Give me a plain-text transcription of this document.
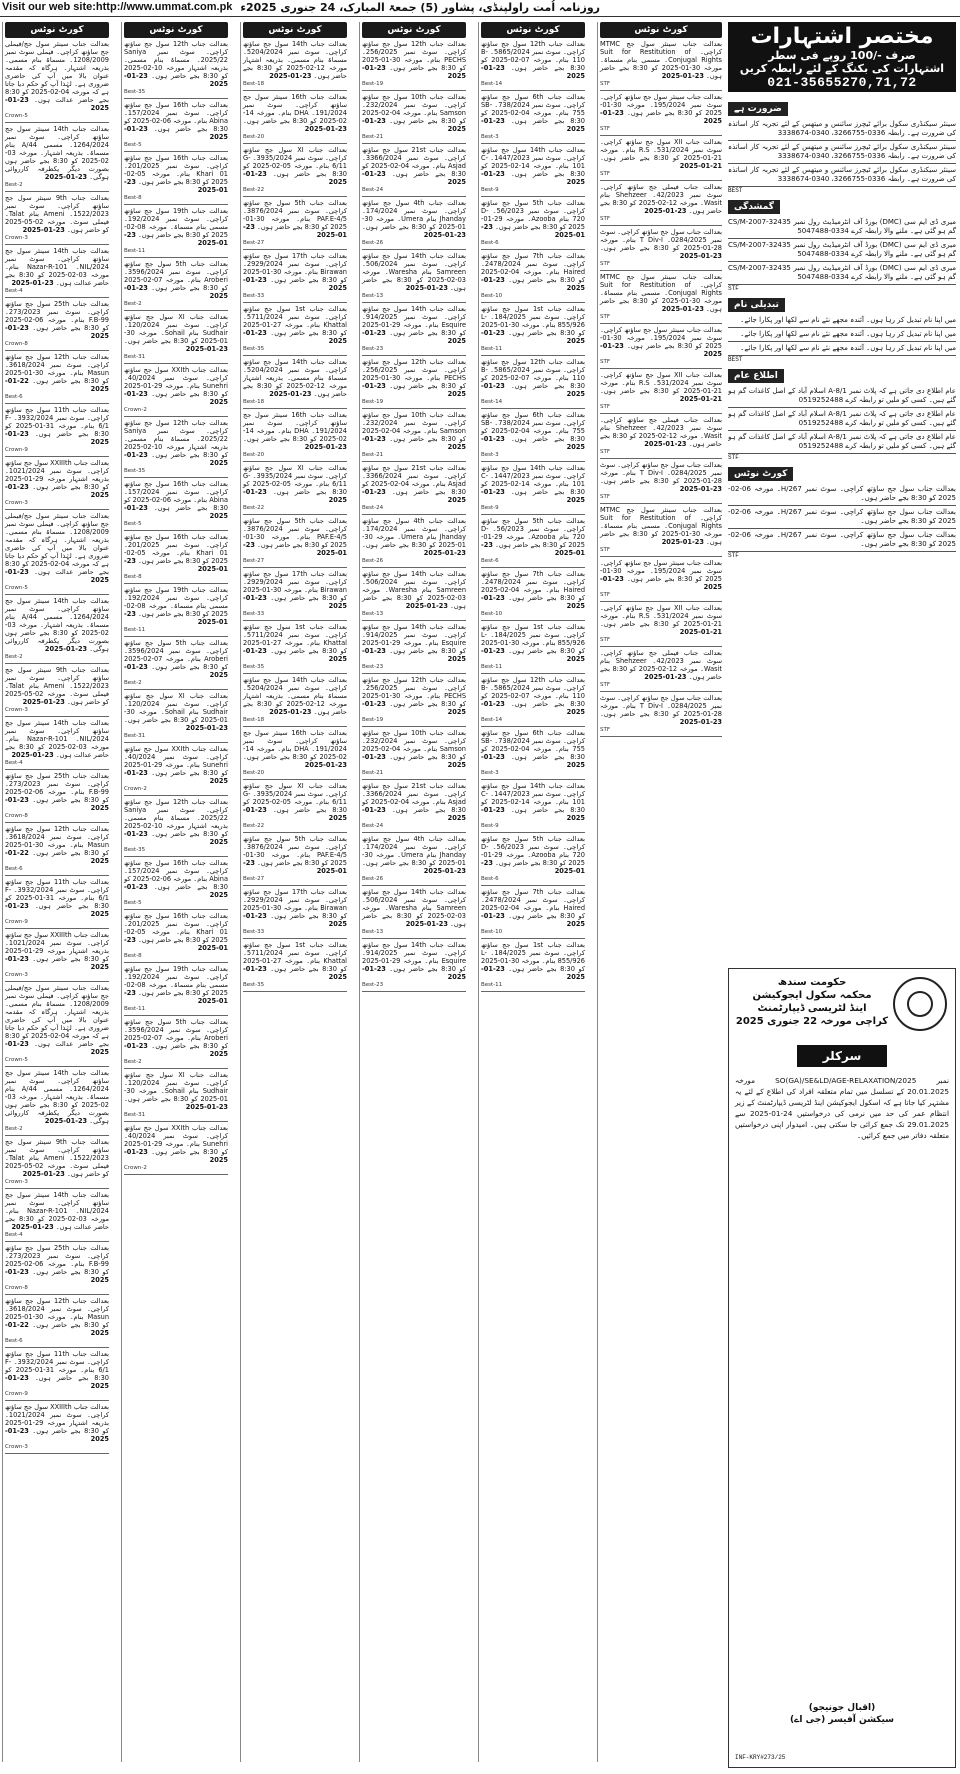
Visit our web site:http://www.ummat.com.pk روزنامہ اُمت راولپنڈی، پشاور (5) جمعۃ المبارک، 24 جنوری 2025ء
کورٹ نوٹس
بعدالت جناب سینئر سول جج/فیملی جج ساؤتھ کراچی۔ فیملی سوٹ نمبر 1208/2009۔ مسماۃ بنام مسمی۔ بذریعہ اشتہار۔ ہرگاہ کہ مقدمہ عنوان بالا میں آپ کی حاضری ضروری ہے۔ لہٰذا آپ کو حکم دیا جاتا ہے کہ مورخہ 04-02-2025 کو 8:30 بجے حاضر عدالت ہوں۔ 23-01-2025
Crown-5
بعدالت جناب 14th سینئر سول جج ساؤتھ کراچی۔ سوٹ نمبر 1264/2024۔ مسمی A/44 بنام مسماۃ۔ بذریعہ اشتہار۔ مورخہ 03-02-2025 کو 8:30 بجے حاضر ہوں بصورت دیگر یکطرفہ کارروائی ہوگی۔ 23-01-2025
Best-2
بعدالت جناب 9th سینئر سول جج ساؤتھ کراچی۔ سوٹ نمبر 1522/2023۔ Ameni بنام Talat۔ فیملی سوٹ۔ مورخہ 02-05-2025 کو حاضر ہوں۔ 23-01-2025
Crown-3
بعدالت جناب 14th سینئر سول جج ساؤتھ کراچی۔ سوٹ نمبر NIL/2024۔ Nazar-R-101 بنام۔ مورخہ 03-02-2025 کو 8:30 بجے حاضر عدالت ہوں۔ 23-01-2025
Best-4
بعدالت جناب 25th سول جج ساؤتھ کراچی۔ سوٹ نمبر 273/2023۔ F.B-99 بنام۔ مورخہ 06-02-2025 کو 8:30 بجے حاضر ہوں۔ 23-01-2025
Crown-8
بعدالت جناب 12th سول جج ساؤتھ کراچی۔ سوٹ نمبر 3618/2024۔ Masun بنام۔ مورخہ 30-01-2025 کو 8:30 بجے حاضر ہوں۔ 22-01-2025
Best-6
بعدالت جناب 11th سول جج ساؤتھ کراچی۔ سوٹ نمبر 3932/2024۔ F-6/1 بنام۔ مورخہ 31-01-2025 کو 8:30 بجے حاضر ہوں۔ 23-01-2025
Crown-9
بعدالت جناب XXIIIth سول جج ساؤتھ کراچی۔ سوٹ نمبر 1021/2024۔ بذریعہ اشتہار مورخہ 29-01-2025 کو 8:30 بجے حاضر ہوں۔ 23-01-2025
Crown-3
بعدالت جناب سینئر سول جج/فیملی جج ساؤتھ کراچی۔ فیملی سوٹ نمبر 1208/2009۔ مسماۃ بنام مسمی۔ بذریعہ اشتہار۔ ہرگاہ کہ مقدمہ عنوان بالا میں آپ کی حاضری ضروری ہے۔ لہٰذا آپ کو حکم دیا جاتا ہے کہ مورخہ 04-02-2025 کو 8:30 بجے حاضر عدالت ہوں۔ 23-01-2025
Crown-5
بعدالت جناب 14th سینئر سول جج ساؤتھ کراچی۔ سوٹ نمبر 1264/2024۔ مسمی A/44 بنام مسماۃ۔ بذریعہ اشتہار۔ مورخہ 03-02-2025 کو 8:30 بجے حاضر ہوں بصورت دیگر یکطرفہ کارروائی ہوگی۔ 23-01-2025
Best-2
بعدالت جناب 9th سینئر سول جج ساؤتھ کراچی۔ سوٹ نمبر 1522/2023۔ Ameni بنام Talat۔ فیملی سوٹ۔ مورخہ 02-05-2025 کو حاضر ہوں۔ 23-01-2025
Crown-3
بعدالت جناب 14th سینئر سول جج ساؤتھ کراچی۔ سوٹ نمبر NIL/2024۔ Nazar-R-101 بنام۔ مورخہ 03-02-2025 کو 8:30 بجے حاضر عدالت ہوں۔ 23-01-2025
Best-4
بعدالت جناب 25th سول جج ساؤتھ کراچی۔ سوٹ نمبر 273/2023۔ F.B-99 بنام۔ مورخہ 06-02-2025 کو 8:30 بجے حاضر ہوں۔ 23-01-2025
Crown-8
بعدالت جناب 12th سول جج ساؤتھ کراچی۔ سوٹ نمبر 3618/2024۔ Masun بنام۔ مورخہ 30-01-2025 کو 8:30 بجے حاضر ہوں۔ 22-01-2025
Best-6
بعدالت جناب 11th سول جج ساؤتھ کراچی۔ سوٹ نمبر 3932/2024۔ F-6/1 بنام۔ مورخہ 31-01-2025 کو 8:30 بجے حاضر ہوں۔ 23-01-2025
Crown-9
بعدالت جناب XXIIIth سول جج ساؤتھ کراچی۔ سوٹ نمبر 1021/2024۔ بذریعہ اشتہار مورخہ 29-01-2025 کو 8:30 بجے حاضر ہوں۔ 23-01-2025
Crown-3
بعدالت جناب سینئر سول جج/فیملی جج ساؤتھ کراچی۔ فیملی سوٹ نمبر 1208/2009۔ مسماۃ بنام مسمی۔ بذریعہ اشتہار۔ ہرگاہ کہ مقدمہ عنوان بالا میں آپ کی حاضری ضروری ہے۔ لہٰذا آپ کو حکم دیا جاتا ہے کہ مورخہ 04-02-2025 کو 8:30 بجے حاضر عدالت ہوں۔ 23-01-2025
Crown-5
بعدالت جناب 14th سینئر سول جج ساؤتھ کراچی۔ سوٹ نمبر 1264/2024۔ مسمی A/44 بنام مسماۃ۔ بذریعہ اشتہار۔ مورخہ 03-02-2025 کو 8:30 بجے حاضر ہوں بصورت دیگر یکطرفہ کارروائی ہوگی۔ 23-01-2025
Best-2
بعدالت جناب 9th سینئر سول جج ساؤتھ کراچی۔ سوٹ نمبر 1522/2023۔ Ameni بنام Talat۔ فیملی سوٹ۔ مورخہ 02-05-2025 کو حاضر ہوں۔ 23-01-2025
Crown-3
بعدالت جناب 14th سینئر سول جج ساؤتھ کراچی۔ سوٹ نمبر NIL/2024۔ Nazar-R-101 بنام۔ مورخہ 03-02-2025 کو 8:30 بجے حاضر عدالت ہوں۔ 23-01-2025
Best-4
بعدالت جناب 25th سول جج ساؤتھ کراچی۔ سوٹ نمبر 273/2023۔ F.B-99 بنام۔ مورخہ 06-02-2025 کو 8:30 بجے حاضر ہوں۔ 23-01-2025
Crown-8
بعدالت جناب 12th سول جج ساؤتھ کراچی۔ سوٹ نمبر 3618/2024۔ Masun بنام۔ مورخہ 30-01-2025 کو 8:30 بجے حاضر ہوں۔ 22-01-2025
Best-6
بعدالت جناب 11th سول جج ساؤتھ کراچی۔ سوٹ نمبر 3932/2024۔ F-6/1 بنام۔ مورخہ 31-01-2025 کو 8:30 بجے حاضر ہوں۔ 23-01-2025
Crown-9
بعدالت جناب XXIIIth سول جج ساؤتھ کراچی۔ سوٹ نمبر 1021/2024۔ بذریعہ اشتہار مورخہ 29-01-2025 کو 8:30 بجے حاضر ہوں۔ 23-01-2025
Crown-3
کورٹ نوٹس
بعدالت جناب 12th سول جج ساؤتھ کراچی۔ سوٹ نمبر Saniya 2025/22۔ مسماۃ بنام مسمی۔ بذریعہ اشتہار مورخہ 10-02-2025 کو 8:30 بجے حاضر ہوں۔ 23-01-2025
Best-35
بعدالت جناب 16th سول جج ساؤتھ کراچی۔ سوٹ نمبر 157/2024۔ Abina بنام۔ مورخہ 06-02-2025 کو 8:30 بجے حاضر ہوں۔ 23-01-2025
Best-5
بعدالت جناب 16th سول جج ساؤتھ کراچی۔ سوٹ نمبر 201/2025۔ Khari 01 بنام۔ مورخہ 05-02-2025 کو 8:30 بجے حاضر ہوں۔ 23-01-2025
Best-8
بعدالت جناب 19th سول جج ساؤتھ کراچی۔ سوٹ نمبر 192/2024۔ مسمی بنام مسماۃ۔ مورخہ 08-02-2025 کو 8:30 بجے حاضر ہوں۔ 23-01-2025
Best-11
بعدالت جناب 5th سول جج ساؤتھ کراچی۔ سوٹ نمبر 3596/2024۔ Aroberi بنام۔ مورخہ 07-02-2025 کو 8:30 بجے حاضر ہوں۔ 23-01-2025
Best-2
بعدالت جناب XI سول جج ساؤتھ کراچی۔ سوٹ نمبر 120/2024۔ Sudhair بنام Sohail۔ مورخہ 30-01-2025 کو 8:30 بجے حاضر ہوں۔ 23-01-2025
Best-31
بعدالت جناب XXIth سول جج ساؤتھ کراچی۔ سوٹ نمبر 40/2024۔ Sunehri بنام۔ مورخہ 29-01-2025 کو 8:30 بجے حاضر ہوں۔ 23-01-2025
Crown-2
بعدالت جناب 12th سول جج ساؤتھ کراچی۔ سوٹ نمبر Saniya 2025/22۔ مسماۃ بنام مسمی۔ بذریعہ اشتہار مورخہ 10-02-2025 کو 8:30 بجے حاضر ہوں۔ 23-01-2025
Best-35
بعدالت جناب 16th سول جج ساؤتھ کراچی۔ سوٹ نمبر 157/2024۔ Abina بنام۔ مورخہ 06-02-2025 کو 8:30 بجے حاضر ہوں۔ 23-01-2025
Best-5
بعدالت جناب 16th سول جج ساؤتھ کراچی۔ سوٹ نمبر 201/2025۔ Khari 01 بنام۔ مورخہ 05-02-2025 کو 8:30 بجے حاضر ہوں۔ 23-01-2025
Best-8
بعدالت جناب 19th سول جج ساؤتھ کراچی۔ سوٹ نمبر 192/2024۔ مسمی بنام مسماۃ۔ مورخہ 08-02-2025 کو 8:30 بجے حاضر ہوں۔ 23-01-2025
Best-11
بعدالت جناب 5th سول جج ساؤتھ کراچی۔ سوٹ نمبر 3596/2024۔ Aroberi بنام۔ مورخہ 07-02-2025 کو 8:30 بجے حاضر ہوں۔ 23-01-2025
Best-2
بعدالت جناب XI سول جج ساؤتھ کراچی۔ سوٹ نمبر 120/2024۔ Sudhair بنام Sohail۔ مورخہ 30-01-2025 کو 8:30 بجے حاضر ہوں۔ 23-01-2025
Best-31
بعدالت جناب XXIth سول جج ساؤتھ کراچی۔ سوٹ نمبر 40/2024۔ Sunehri بنام۔ مورخہ 29-01-2025 کو 8:30 بجے حاضر ہوں۔ 23-01-2025
Crown-2
بعدالت جناب 12th سول جج ساؤتھ کراچی۔ سوٹ نمبر Saniya 2025/22۔ مسماۃ بنام مسمی۔ بذریعہ اشتہار مورخہ 10-02-2025 کو 8:30 بجے حاضر ہوں۔ 23-01-2025
Best-35
بعدالت جناب 16th سول جج ساؤتھ کراچی۔ سوٹ نمبر 157/2024۔ Abina بنام۔ مورخہ 06-02-2025 کو 8:30 بجے حاضر ہوں۔ 23-01-2025
Best-5
بعدالت جناب 16th سول جج ساؤتھ کراچی۔ سوٹ نمبر 201/2025۔ Khari 01 بنام۔ مورخہ 05-02-2025 کو 8:30 بجے حاضر ہوں۔ 23-01-2025
Best-8
بعدالت جناب 19th سول جج ساؤتھ کراچی۔ سوٹ نمبر 192/2024۔ مسمی بنام مسماۃ۔ مورخہ 08-02-2025 کو 8:30 بجے حاضر ہوں۔ 23-01-2025
Best-11
بعدالت جناب 5th سول جج ساؤتھ کراچی۔ سوٹ نمبر 3596/2024۔ Aroberi بنام۔ مورخہ 07-02-2025 کو 8:30 بجے حاضر ہوں۔ 23-01-2025
Best-2
بعدالت جناب XI سول جج ساؤتھ کراچی۔ سوٹ نمبر 120/2024۔ Sudhair بنام Sohail۔ مورخہ 30-01-2025 کو 8:30 بجے حاضر ہوں۔ 23-01-2025
Best-31
بعدالت جناب XXIth سول جج ساؤتھ کراچی۔ سوٹ نمبر 40/2024۔ Sunehri بنام۔ مورخہ 29-01-2025 کو 8:30 بجے حاضر ہوں۔ 23-01-2025
Crown-2
کورٹ نوٹس
بعدالت جناب 14th سول جج ساؤتھ کراچی۔ سوٹ نمبر 5204/2024۔ مسماۃ بنام مسمی۔ بذریعہ اشتہار مورخہ 12-02-2025 کو 8:30 بجے حاضر ہوں۔ 23-01-2025
Best-18
بعدالت جناب 16th سینئر سول جج ساؤتھ کراچی۔ سوٹ نمبر 191/2024۔ DHA بنام۔ مورخہ 14-02-2025 کو 8:30 بجے حاضر ہوں۔ 23-01-2025
Best-20
بعدالت جناب XI سول جج ساؤتھ کراچی۔ سوٹ نمبر 3935/2024۔ G-6/11 بنام۔ مورخہ 05-02-2025 کو 8:30 بجے حاضر ہوں۔ 23-01-2025
Best-22
بعدالت جناب 5th سول جج ساؤتھ کراچی۔ سوٹ نمبر 3876/2024۔ PAF.E-4/5 بنام۔ مورخہ 30-01-2025 کو 8:30 بجے حاضر ہوں۔ 23-01-2025
Best-27
بعدالت جناب 17th سول جج ساؤتھ کراچی۔ سوٹ نمبر 2929/2024۔ Birawan بنام۔ مورخہ 30-01-2025 کو 8:30 بجے حاضر ہوں۔ 23-01-2025
Best-33
بعدالت جناب 1st سول جج ساؤتھ کراچی۔ سوٹ نمبر 5711/2024۔ Khattal بنام۔ مورخہ 27-01-2025 کو 8:30 بجے حاضر ہوں۔ 23-01-2025
Best-35
بعدالت جناب 14th سول جج ساؤتھ کراچی۔ سوٹ نمبر 5204/2024۔ مسماۃ بنام مسمی۔ بذریعہ اشتہار مورخہ 12-02-2025 کو 8:30 بجے حاضر ہوں۔ 23-01-2025
Best-18
بعدالت جناب 16th سینئر سول جج ساؤتھ کراچی۔ سوٹ نمبر 191/2024۔ DHA بنام۔ مورخہ 14-02-2025 کو 8:30 بجے حاضر ہوں۔ 23-01-2025
Best-20
بعدالت جناب XI سول جج ساؤتھ کراچی۔ سوٹ نمبر 3935/2024۔ G-6/11 بنام۔ مورخہ 05-02-2025 کو 8:30 بجے حاضر ہوں۔ 23-01-2025
Best-22
بعدالت جناب 5th سول جج ساؤتھ کراچی۔ سوٹ نمبر 3876/2024۔ PAF.E-4/5 بنام۔ مورخہ 30-01-2025 کو 8:30 بجے حاضر ہوں۔ 23-01-2025
Best-27
بعدالت جناب 17th سول جج ساؤتھ کراچی۔ سوٹ نمبر 2929/2024۔ Birawan بنام۔ مورخہ 30-01-2025 کو 8:30 بجے حاضر ہوں۔ 23-01-2025
Best-33
بعدالت جناب 1st سول جج ساؤتھ کراچی۔ سوٹ نمبر 5711/2024۔ Khattal بنام۔ مورخہ 27-01-2025 کو 8:30 بجے حاضر ہوں۔ 23-01-2025
Best-35
بعدالت جناب 14th سول جج ساؤتھ کراچی۔ سوٹ نمبر 5204/2024۔ مسماۃ بنام مسمی۔ بذریعہ اشتہار مورخہ 12-02-2025 کو 8:30 بجے حاضر ہوں۔ 23-01-2025
Best-18
بعدالت جناب 16th سینئر سول جج ساؤتھ کراچی۔ سوٹ نمبر 191/2024۔ DHA بنام۔ مورخہ 14-02-2025 کو 8:30 بجے حاضر ہوں۔ 23-01-2025
Best-20
بعدالت جناب XI سول جج ساؤتھ کراچی۔ سوٹ نمبر 3935/2024۔ G-6/11 بنام۔ مورخہ 05-02-2025 کو 8:30 بجے حاضر ہوں۔ 23-01-2025
Best-22
بعدالت جناب 5th سول جج ساؤتھ کراچی۔ سوٹ نمبر 3876/2024۔ PAF.E-4/5 بنام۔ مورخہ 30-01-2025 کو 8:30 بجے حاضر ہوں۔ 23-01-2025
Best-27
بعدالت جناب 17th سول جج ساؤتھ کراچی۔ سوٹ نمبر 2929/2024۔ Birawan بنام۔ مورخہ 30-01-2025 کو 8:30 بجے حاضر ہوں۔ 23-01-2025
Best-33
بعدالت جناب 1st سول جج ساؤتھ کراچی۔ سوٹ نمبر 5711/2024۔ Khattal بنام۔ مورخہ 27-01-2025 کو 8:30 بجے حاضر ہوں۔ 23-01-2025
Best-35
کورٹ نوٹس
بعدالت جناب 12th سول جج ساؤتھ کراچی۔ سوٹ نمبر 256/2025۔ PECHS بنام۔ مورخہ 30-01-2025 کو 8:30 بجے حاضر ہوں۔ 23-01-2025
Best-19
بعدالت جناب 10th سول جج ساؤتھ کراچی۔ سوٹ نمبر 232/2024۔ Samson بنام۔ مورخہ 04-02-2025 کو 8:30 بجے حاضر ہوں۔ 23-01-2025
Best-21
بعدالت جناب 21st سول جج ساؤتھ کراچی۔ سوٹ نمبر 3366/2024۔ Asjad بنام۔ مورخہ 04-02-2025 کو 8:30 بجے حاضر ہوں۔ 23-01-2025
Best-24
بعدالت جناب 4th سول جج ساؤتھ کراچی۔ سوٹ نمبر 174/2024۔ Jhanday بنام Umera۔ مورخہ 30-01-2025 کو 8:30 بجے حاضر ہوں۔ 23-01-2025
Best-26
بعدالت جناب 14th سول جج ساؤتھ کراچی۔ سوٹ نمبر 506/2024۔ Samreen بنام Waresha۔ مورخہ 03-02-2025 کو 8:30 بجے حاضر ہوں۔ 23-01-2025
Best-13
بعدالت جناب 14th سول جج ساؤتھ کراچی۔ سوٹ نمبر 914/2025۔ Esquire بنام۔ مورخہ 29-01-2025 کو 8:30 بجے حاضر ہوں۔ 23-01-2025
Best-23
بعدالت جناب 12th سول جج ساؤتھ کراچی۔ سوٹ نمبر 256/2025۔ PECHS بنام۔ مورخہ 30-01-2025 کو 8:30 بجے حاضر ہوں۔ 23-01-2025
Best-19
بعدالت جناب 10th سول جج ساؤتھ کراچی۔ سوٹ نمبر 232/2024۔ Samson بنام۔ مورخہ 04-02-2025 کو 8:30 بجے حاضر ہوں۔ 23-01-2025
Best-21
بعدالت جناب 21st سول جج ساؤتھ کراچی۔ سوٹ نمبر 3366/2024۔ Asjad بنام۔ مورخہ 04-02-2025 کو 8:30 بجے حاضر ہوں۔ 23-01-2025
Best-24
بعدالت جناب 4th سول جج ساؤتھ کراچی۔ سوٹ نمبر 174/2024۔ Jhanday بنام Umera۔ مورخہ 30-01-2025 کو 8:30 بجے حاضر ہوں۔ 23-01-2025
Best-26
بعدالت جناب 14th سول جج ساؤتھ کراچی۔ سوٹ نمبر 506/2024۔ Samreen بنام Waresha۔ مورخہ 03-02-2025 کو 8:30 بجے حاضر ہوں۔ 23-01-2025
Best-13
بعدالت جناب 14th سول جج ساؤتھ کراچی۔ سوٹ نمبر 914/2025۔ Esquire بنام۔ مورخہ 29-01-2025 کو 8:30 بجے حاضر ہوں۔ 23-01-2025
Best-23
بعدالت جناب 12th سول جج ساؤتھ کراچی۔ سوٹ نمبر 256/2025۔ PECHS بنام۔ مورخہ 30-01-2025 کو 8:30 بجے حاضر ہوں۔ 23-01-2025
Best-19
بعدالت جناب 10th سول جج ساؤتھ کراچی۔ سوٹ نمبر 232/2024۔ Samson بنام۔ مورخہ 04-02-2025 کو 8:30 بجے حاضر ہوں۔ 23-01-2025
Best-21
بعدالت جناب 21st سول جج ساؤتھ کراچی۔ سوٹ نمبر 3366/2024۔ Asjad بنام۔ مورخہ 04-02-2025 کو 8:30 بجے حاضر ہوں۔ 23-01-2025
Best-24
بعدالت جناب 4th سول جج ساؤتھ کراچی۔ سوٹ نمبر 174/2024۔ Jhanday بنام Umera۔ مورخہ 30-01-2025 کو 8:30 بجے حاضر ہوں۔ 23-01-2025
Best-26
بعدالت جناب 14th سول جج ساؤتھ کراچی۔ سوٹ نمبر 506/2024۔ Samreen بنام Waresha۔ مورخہ 03-02-2025 کو 8:30 بجے حاضر ہوں۔ 23-01-2025
Best-13
بعدالت جناب 14th سول جج ساؤتھ کراچی۔ سوٹ نمبر 914/2025۔ Esquire بنام۔ مورخہ 29-01-2025 کو 8:30 بجے حاضر ہوں۔ 23-01-2025
Best-23
کورٹ نوٹس
بعدالت جناب 12th سول جج ساؤتھ کراچی۔ سوٹ نمبر 5865/2024۔ B-110 بنام۔ مورخہ 07-02-2025 کو 8:30 بجے حاضر ہوں۔ 23-01-2025
Best-14
بعدالت جناب 6th سول جج ساؤتھ کراچی۔ سوٹ نمبر 738/2024۔ SB-755 بنام۔ مورخہ 04-02-2025 کو 8:30 بجے حاضر ہوں۔ 23-01-2025
Best-3
بعدالت جناب 14th سول جج ساؤتھ کراچی۔ سوٹ نمبر 1447/2023۔ C-101 بنام۔ مورخہ 14-02-2025 کو 8:30 بجے حاضر ہوں۔ 23-01-2025
Best-9
بعدالت جناب 5th سول جج ساؤتھ کراچی۔ سوٹ نمبر 56/2023۔ D-720 بنام Azooba۔ مورخہ 29-01-2025 کو 8:30 بجے حاضر ہوں۔ 23-01-2025
Best-6
بعدالت جناب 7th سول جج ساؤتھ کراچی۔ سوٹ نمبر 2478/2024۔ Haired بنام۔ مورخہ 04-02-2025 کو 8:30 بجے حاضر ہوں۔ 23-01-2025
Best-10
بعدالت جناب 1st سول جج ساؤتھ کراچی۔ سوٹ نمبر 184/2025۔ L-855/926 بنام۔ مورخہ 30-01-2025 کو 8:30 بجے حاضر ہوں۔ 23-01-2025
Best-11
بعدالت جناب 12th سول جج ساؤتھ کراچی۔ سوٹ نمبر 5865/2024۔ B-110 بنام۔ مورخہ 07-02-2025 کو 8:30 بجے حاضر ہوں۔ 23-01-2025
Best-14
بعدالت جناب 6th سول جج ساؤتھ کراچی۔ سوٹ نمبر 738/2024۔ SB-755 بنام۔ مورخہ 04-02-2025 کو 8:30 بجے حاضر ہوں۔ 23-01-2025
Best-3
بعدالت جناب 14th سول جج ساؤتھ کراچی۔ سوٹ نمبر 1447/2023۔ C-101 بنام۔ مورخہ 14-02-2025 کو 8:30 بجے حاضر ہوں۔ 23-01-2025
Best-9
بعدالت جناب 5th سول جج ساؤتھ کراچی۔ سوٹ نمبر 56/2023۔ D-720 بنام Azooba۔ مورخہ 29-01-2025 کو 8:30 بجے حاضر ہوں۔ 23-01-2025
Best-6
بعدالت جناب 7th سول جج ساؤتھ کراچی۔ سوٹ نمبر 2478/2024۔ Haired بنام۔ مورخہ 04-02-2025 کو 8:30 بجے حاضر ہوں۔ 23-01-2025
Best-10
بعدالت جناب 1st سول جج ساؤتھ کراچی۔ سوٹ نمبر 184/2025۔ L-855/926 بنام۔ مورخہ 30-01-2025 کو 8:30 بجے حاضر ہوں۔ 23-01-2025
Best-11
بعدالت جناب 12th سول جج ساؤتھ کراچی۔ سوٹ نمبر 5865/2024۔ B-110 بنام۔ مورخہ 07-02-2025 کو 8:30 بجے حاضر ہوں۔ 23-01-2025
Best-14
بعدالت جناب 6th سول جج ساؤتھ کراچی۔ سوٹ نمبر 738/2024۔ SB-755 بنام۔ مورخہ 04-02-2025 کو 8:30 بجے حاضر ہوں۔ 23-01-2025
Best-3
بعدالت جناب 14th سول جج ساؤتھ کراچی۔ سوٹ نمبر 1447/2023۔ C-101 بنام۔ مورخہ 14-02-2025 کو 8:30 بجے حاضر ہوں۔ 23-01-2025
Best-9
بعدالت جناب 5th سول جج ساؤتھ کراچی۔ سوٹ نمبر 56/2023۔ D-720 بنام Azooba۔ مورخہ 29-01-2025 کو 8:30 بجے حاضر ہوں۔ 23-01-2025
Best-6
بعدالت جناب 7th سول جج ساؤتھ کراچی۔ سوٹ نمبر 2478/2024۔ Haired بنام۔ مورخہ 04-02-2025 کو 8:30 بجے حاضر ہوں۔ 23-01-2025
Best-10
بعدالت جناب 1st سول جج ساؤتھ کراچی۔ سوٹ نمبر 184/2025۔ L-855/926 بنام۔ مورخہ 30-01-2025 کو 8:30 بجے حاضر ہوں۔ 23-01-2025
Best-11
کورٹ نوٹس
بعدالت جناب سینئر سول جج MTMC کراچی۔ Suit for Restitution of Conjugal Rights۔ مسمی بنام مسماۃ۔ مورخہ 30-01-2025 کو 8:30 بجے حاضر ہوں۔ 23-01-2025
STF
بعدالت جناب سینئر سول جج ساؤتھ کراچی۔ سوٹ نمبر 195/2024۔ مورخہ 30-01-2025 کو 8:30 بجے حاضر ہوں۔ 23-01-2025
STF
بعدالت جناب XII سول جج ساؤتھ کراچی۔ سوٹ نمبر 531/2024۔ R.S بنام۔ مورخہ 21-01-2025 کو 8:30 بجے حاضر ہوں۔ 21-01-2025
STF
بعدالت جناب فیملی جج ساؤتھ کراچی۔ سوٹ نمبر 42/2023۔ Shehzeer بنام Wasit۔ مورخہ 12-02-2025 کو 8:30 بجے حاضر ہوں۔ 23-01-2025
STF
بعدالت جناب سول جج ساؤتھ کراچی۔ سوٹ نمبر 0284/2025۔ T Div-I بنام۔ مورخہ 28-01-2025 کو 8:30 بجے حاضر ہوں۔ 23-01-2025
STF
بعدالت جناب سینئر سول جج MTMC کراچی۔ Suit for Restitution of Conjugal Rights۔ مسمی بنام مسماۃ۔ مورخہ 30-01-2025 کو 8:30 بجے حاضر ہوں۔ 23-01-2025
STF
بعدالت جناب سینئر سول جج ساؤتھ کراچی۔ سوٹ نمبر 195/2024۔ مورخہ 30-01-2025 کو 8:30 بجے حاضر ہوں۔ 23-01-2025
STF
بعدالت جناب XII سول جج ساؤتھ کراچی۔ سوٹ نمبر 531/2024۔ R.S بنام۔ مورخہ 21-01-2025 کو 8:30 بجے حاضر ہوں۔ 21-01-2025
STF
بعدالت جناب فیملی جج ساؤتھ کراچی۔ سوٹ نمبر 42/2023۔ Shehzeer بنام Wasit۔ مورخہ 12-02-2025 کو 8:30 بجے حاضر ہوں۔ 23-01-2025
STF
بعدالت جناب سول جج ساؤتھ کراچی۔ سوٹ نمبر 0284/2025۔ T Div-I بنام۔ مورخہ 28-01-2025 کو 8:30 بجے حاضر ہوں۔ 23-01-2025
STF
بعدالت جناب سینئر سول جج MTMC کراچی۔ Suit for Restitution of Conjugal Rights۔ مسمی بنام مسماۃ۔ مورخہ 30-01-2025 کو 8:30 بجے حاضر ہوں۔ 23-01-2025
STF
بعدالت جناب سینئر سول جج ساؤتھ کراچی۔ سوٹ نمبر 195/2024۔ مورخہ 30-01-2025 کو 8:30 بجے حاضر ہوں۔ 23-01-2025
STF
بعدالت جناب XII سول جج ساؤتھ کراچی۔ سوٹ نمبر 531/2024۔ R.S بنام۔ مورخہ 21-01-2025 کو 8:30 بجے حاضر ہوں۔ 21-01-2025
STF
بعدالت جناب فیملی جج ساؤتھ کراچی۔ سوٹ نمبر 42/2023۔ Shehzeer بنام Wasit۔ مورخہ 12-02-2025 کو 8:30 بجے حاضر ہوں۔ 23-01-2025
STF
بعدالت جناب سول جج ساؤتھ کراچی۔ سوٹ نمبر 0284/2025۔ T Div-I بنام۔ مورخہ 28-01-2025 کو 8:30 بجے حاضر ہوں۔ 23-01-2025
STF
مختصر اشتہارات
صرف -/100 روپے فی سطر
اشتہارات کی بکنگ کے لئے رابطہ کریں
021-35655270,71,72
ضرورت ہے
سینئر سیکنڈری سکول برائے ٹیچرز سائنس و میتھس کے لئے تجربہ کار اساتذہ کی ضرورت ہے۔ رابطہ 0336-3266755، 0340-3338674
سینئر سیکنڈری سکول برائے ٹیچرز سائنس و میتھس کے لئے تجربہ کار اساتذہ کی ضرورت ہے۔ رابطہ 0336-3266755، 0340-3338674
سینئر سیکنڈری سکول برائے ٹیچرز سائنس و میتھس کے لئے تجربہ کار اساتذہ کی ضرورت ہے۔ رابطہ 0336-3266755، 0340-3338674
BEST
گمشدگی
میری ڈی ایم سی (DMC) بورڈ آف انٹرمیڈیٹ رول نمبر 32435-CS/M-2007 گم ہو گئی ہے۔ ملنے والا رابطہ کرے 0334-5047488
میری ڈی ایم سی (DMC) بورڈ آف انٹرمیڈیٹ رول نمبر 32435-CS/M-2007 گم ہو گئی ہے۔ ملنے والا رابطہ کرے 0334-5047488
میری ڈی ایم سی (DMC) بورڈ آف انٹرمیڈیٹ رول نمبر 32435-CS/M-2007 گم ہو گئی ہے۔ ملنے والا رابطہ کرے 0334-5047488
STF
تبدیلی نام
میں اپنا نام تبدیل کر رہا ہوں۔ آئندہ مجھے نئے نام سے لکھا اور پکارا جائے۔
میں اپنا نام تبدیل کر رہا ہوں۔ آئندہ مجھے نئے نام سے لکھا اور پکارا جائے۔
میں اپنا نام تبدیل کر رہا ہوں۔ آئندہ مجھے نئے نام سے لکھا اور پکارا جائے۔
BEST
اطلاع عام
عام اطلاع دی جاتی ہے کہ پلاٹ نمبر 8/1-A اسلام آباد کے اصل کاغذات گم ہو گئے ہیں۔ کسی کو ملیں تو رابطہ کرے 0519252488
عام اطلاع دی جاتی ہے کہ پلاٹ نمبر 8/1-A اسلام آباد کے اصل کاغذات گم ہو گئے ہیں۔ کسی کو ملیں تو رابطہ کرے 0519252488
عام اطلاع دی جاتی ہے کہ پلاٹ نمبر 8/1-A اسلام آباد کے اصل کاغذات گم ہو گئے ہیں۔ کسی کو ملیں تو رابطہ کرے 0519252488
STF
کورٹ نوٹس
بعدالت جناب سول جج ساؤتھ کراچی۔ سوٹ نمبر 267/H۔ مورخہ 06-02-2025 کو 8:30 بجے حاضر ہوں۔
بعدالت جناب سول جج ساؤتھ کراچی۔ سوٹ نمبر 267/H۔ مورخہ 06-02-2025 کو 8:30 بجے حاضر ہوں۔
بعدالت جناب سول جج ساؤتھ کراچی۔ سوٹ نمبر 267/H۔ مورخہ 06-02-2025 کو 8:30 بجے حاضر ہوں۔
STF
حکومت سندھ
محکمہ سکول ایجوکیشن
اینڈ لٹریسی ڈیپارٹمنٹ
کراچی مورخہ 22 جنوری 2025
سرکلر
نمبر SO(GA)/SE&LD/AGE-RELAXATION/2025 مورخہ 20.01.2025 کے تسلسل میں تمام متعلقہ افراد کی اطلاع کے لئے یہ مشتہر کیا جاتا ہے کہ اسکول ایجوکیشن اینڈ لٹریسی ڈیپارٹمنٹ کے زیر انتظام عمر کی حد میں نرمی کی درخواستیں 24-01-2025 سے 29.01.2025 تک جمع کرائی جا سکتی ہیں۔ امیدوار اپنی درخواستیں متعلقہ دفاتر میں جمع کرائیں۔
(اقبال جونیجو)
سیکشن آفیسر (جی اے)
INF-KRY#273/25
